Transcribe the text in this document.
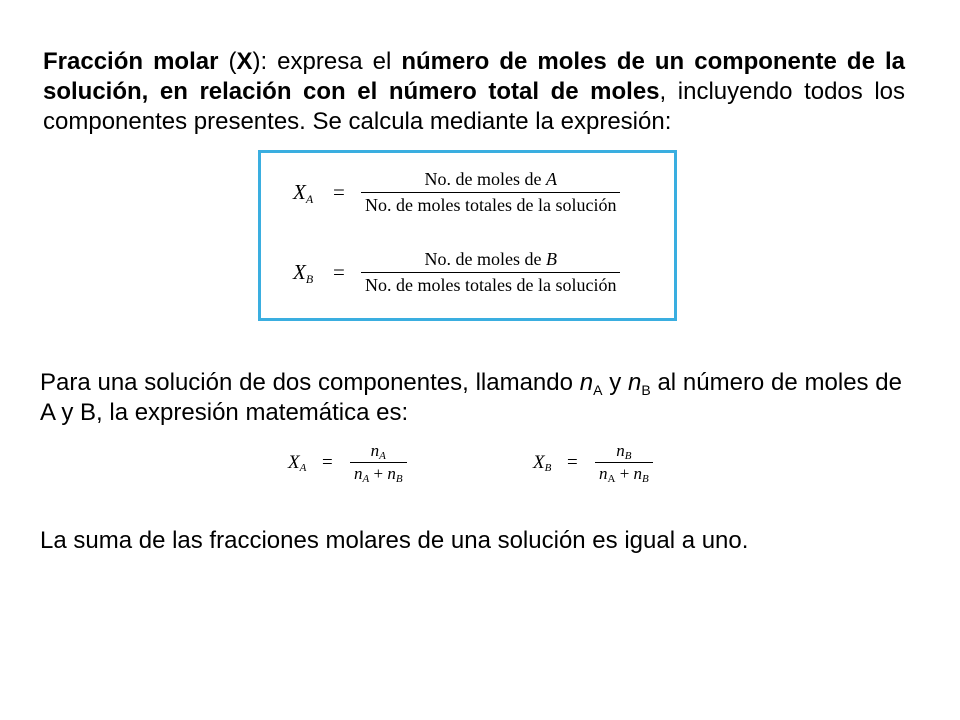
Fracción molar (X): expresa el número de moles de un componente de la solución, en relación con el número total de moles, incluyendo todos los componentes presentes. Se calcula mediante la expresión:
$X_A = \frac{\text{No. de moles de A}}{\text{No. de moles totales de la solución}}$
$X_B = \frac{\text{No. de moles de B}}{\text{No. de moles totales de la solución}}$
Para una solución de dos componentes, llamando $n_A$ y $n_B$ al número de moles de A y B, la expresión matemática es:
$X_A$ =	$\frac{n_A}{n_A + n_B}$	$X_B$ =	$\frac{n_B}{n_A + n_B}$
La suma de las fracciones molares de una solución es igual a uno.
